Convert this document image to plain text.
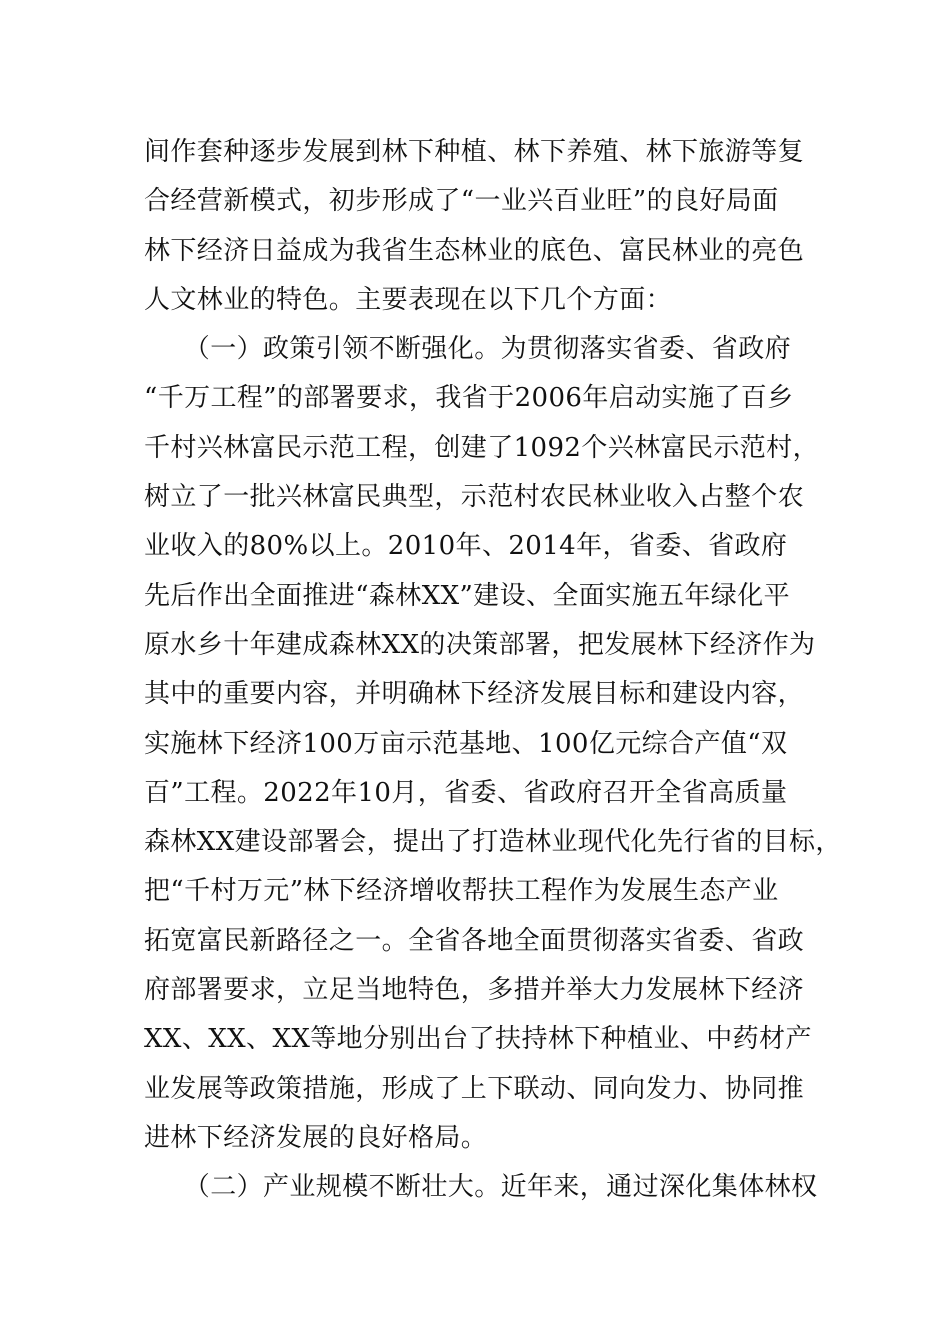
间作套种逐步发展到林下种植、林下养殖、林下旅游等复
合经营新模式，初步形成了“一业兴百业旺”的良好局面
林下经济日益成为我省生态林业的底色、富民林业的亮色
人文林业的特色。主要表现在以下几个方面：
　　（一）政策引领不断强化。为贯彻落实省委、省政府
“千万工程”的部署要求，我省于2006年启动实施了百乡
千村兴林富民示范工程，创建了1092个兴林富民示范村，
树立了一批兴林富民典型，示范村农民林业收入占整个农
业收入的80%以上。2010年、2014年，省委、省政府
先后作出全面推进“森林XX”建设、全面实施五年绿化平
原水乡十年建成森林XX的决策部署，把发展林下经济作为
其中的重要内容，并明确林下经济发展目标和建设内容，
实施林下经济100万亩示范基地、100亿元综合产值“双
百”工程。2022年10月，省委、省政府召开全省高质量
森林XX建设部署会，提出了打造林业现代化先行省的目标，
把“千村万元”林下经济增收帮扶工程作为发展生态产业
拓宽富民新路径之一。全省各地全面贯彻落实省委、省政
府部署要求，立足当地特色，多措并举大力发展林下经济
XX、XX、XX等地分别出台了扶持林下种植业、中药材产
业发展等政策措施，形成了上下联动、同向发力、协同推
进林下经济发展的良好格局。
　　（二）产业规模不断壮大。近年来，通过深化集体林权
